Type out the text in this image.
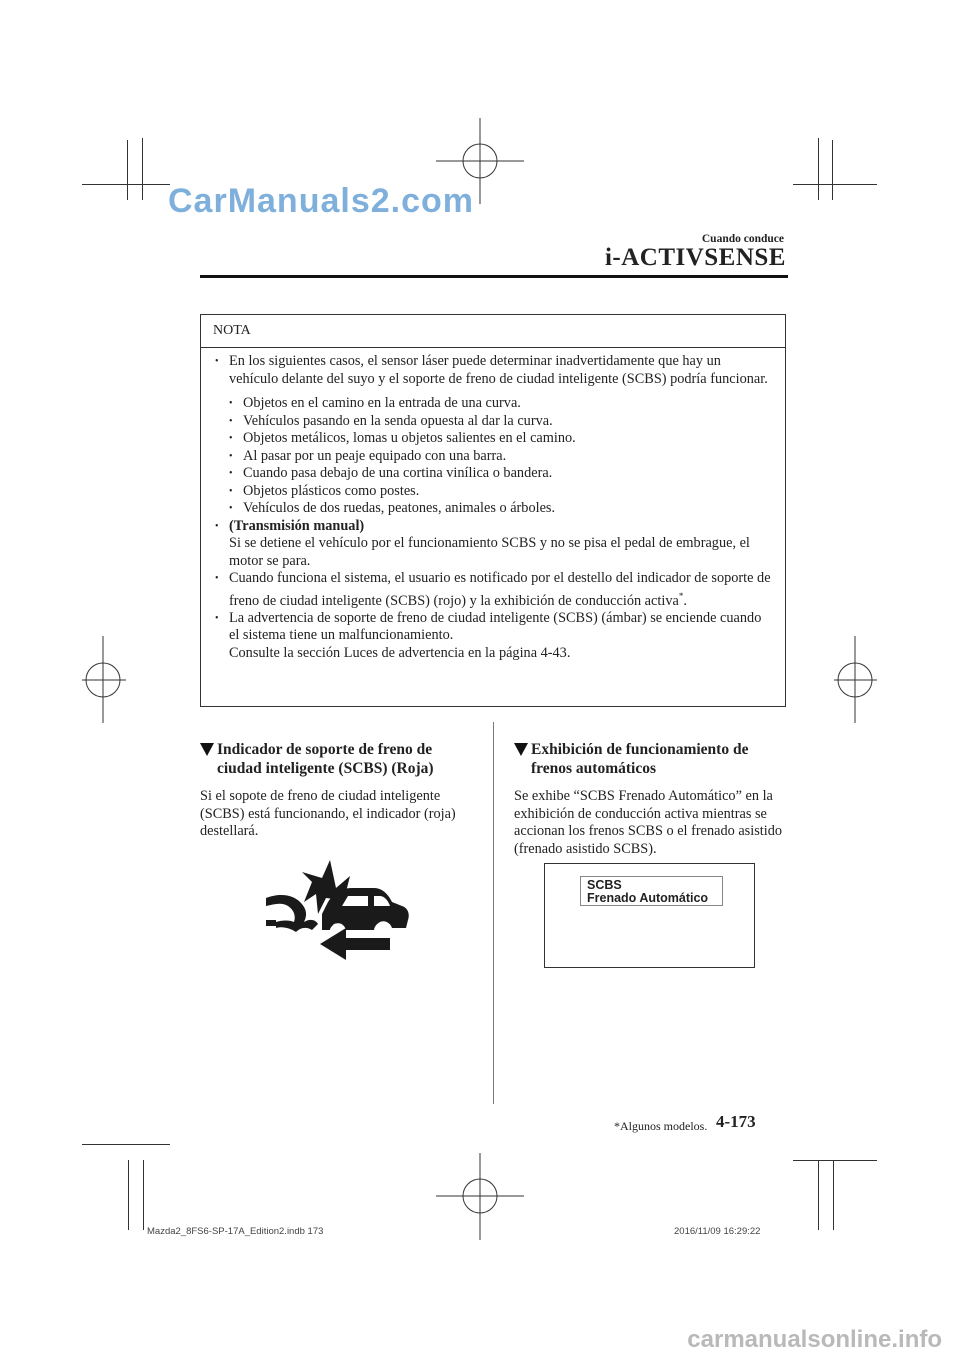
CarManuals2.com
Cuando conduce
i-ACTIVSENSE
NOTA

• En los siguientes casos, el sensor láser puede determinar inadvertidamente que hay un vehículo delante del suyo y el soporte de freno de ciudad inteligente (SCBS) podría funcionar.

• Objetos en el camino en la entrada de una curva.

• Vehículos pasando en la senda opuesta al dar la curva.

• Objetos metálicos, lomas u objetos salientes en el camino.

• Al pasar por un peaje equipado con una barra.

• Cuando pasa debajo de una cortina vinílica o bandera.

• Objetos plásticos como postes.

• Vehículos de dos ruedas, peatones, animales o árboles.

• (Transmisión manual)
Si se detiene el vehículo por el funcionamiento SCBS y no se pisa el pedal de embrague, el motor se para.

• Cuando funciona el sistema, el usuario es notificado por el destello del indicador de soporte de freno de ciudad inteligente (SCBS) (rojo) y la exhibición de conducción activa*.

• La advertencia de soporte de freno de ciudad inteligente (SCBS) (ámbar) se enciende cuando el sistema tiene un malfuncionamiento.
Consulte la sección Luces de advertencia en la página 4-43.
Indicador de soporte de freno de
ciudad inteligente (SCBS) (Roja)
Si el sopote de freno de ciudad inteligente (SCBS) está funcionando, el indicador (roja) destellará.
Exhibición de funcionamiento de
frenos automáticos
Se exhibe “SCBS Frenado Automático” en la exhibición de conducción activa mientras se accionan los frenos SCBS o el frenado asistido (frenado asistido SCBS).
SCBS
Frenado Automático
*Algunos modelos. 4-173
Mazda2_8FS6-SP-17A_Edition2.indb 173	2016/11/09 16:29:22
carmanualsonline.info
